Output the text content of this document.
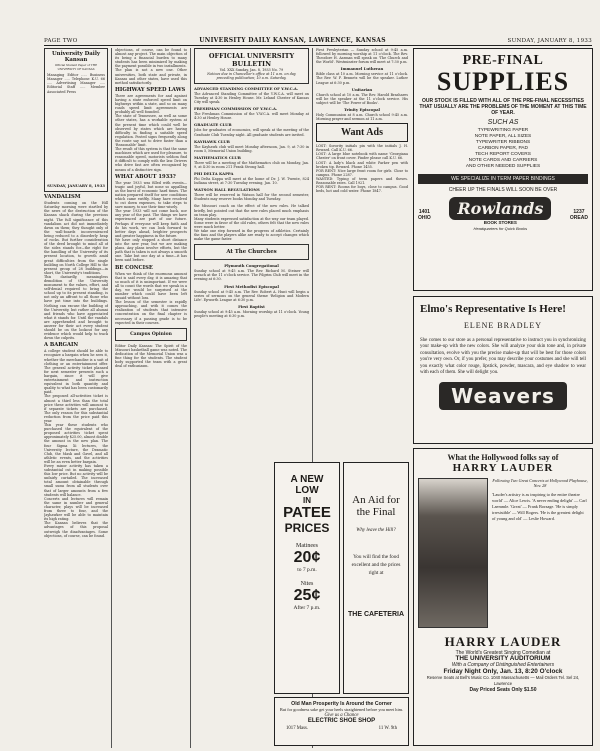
PAGE TWO	UNIVERSITY DAILY KANSAN, LAWRENCE, KANSAS	SUNDAY, JANUARY 8, 1933
University Daily Kansan
Official Student Paper of THE UNIVERSITY OF KANSAS
Managing Editor ..... Business Manager ..... Telephone K.U. 66 ..... Advertising Manager ..... Editorial Staff ..... Member Associated Press
SUNDAY, JANUARY 8, 1933
VANDALISM
Students coming on the Hill Saturday morning were startled by the news of the destruction of the Kansan shack during the previous night. The full significance of this vandalism act did not immediately dawn on them; they thought only of the wall-boards inconvenienced being reduced to a disorderly heap of rocks. But further consideration of the deed brought to mind all of the sides stands for—the right for the handling of the University of its present location, to growth amid great difficulties from the single building on North College Hill to the present group of 28 buildings—in short, the University's traditions.
This dastardly, meaningless demolition of the University monument to the values, effort, and self-denial required to bring the school up to its present standing, is not only an affront to all those who have put time into the buildings. Nothing can excuse the building of the University, but rather all alumni and friends who have appreciated what it stands for. Until the vandals are apprehended and brought to answer for their act every student should be on the lookout for any evidence which would help to track down the culprits.
A BARGAIN
A college student should be able to recognize a bargain when he sees it, whether the merchandise is a suit of clothing or an entertainment offer. The general activity ticket planned for next semester presents such a bargain, since it will give entertainment and instruction equivalent in both quantity and quality to what has been customarily paid.
The proposed all-activities ticket is almost a third less than the total price these activities will amount to if separate tickets are purchased. The only reason for this substantial reduction from the price paid this year.
This year these students who purchased the equivalent of the proposed activities ticket spent approximately $25.00, almost double the amount in the new plan. The four Sigma Xi lectures, the University lecture, the Dramatic Club, the Mask and Gavel, and all athletic events, and the activities will be an even better bargain.
Every minor activity has taken a substantial cut in making possible this low price. But no activity will be unfairly curtailed. The increased total amount obtainable through small sums from all students over that of larger amounts from a few students will balance.
Concerts and lectures will remain the same in number and general character, plays will be increased from three to four, and the Jayhawker will be able to maintain its high rating.
The Kansan believes that the advantages of this proposal outweigh the disadvantages. Some objections, of course, can be found.
objections, of course, can be found to almost any project. The main objection of its being a financial burden to many students has been minimized by making the payment possible in two installments.
The plan is not a new one. Other universities, both state and private, in Kansas and other states, have used this method satisfactorily.
HIGHWAY SPEED LAWS
There are agreements for and against having a state enforced speed limit on highways within a state, and so on many roads speed limit agreements are probably all well founded.
The state of Tennessee, as well as some other states, has a workable system at the present time which could well be observed by states which are having difficulty in finding a suitable speed regulation. Posted signs frequently along the route say not to drive faster than a 'Reasonable' limit.
The result of this system is that the same machines which are used for pleasure, to reasonable speed, motorists seldom find it difficult to comply with the law. Drivers who drive fast are often recognized by means of a distinctive sign.
WHAT ABOUT 1933?
The year 1933 was filled with events—tragic and joyful, but none so appalling as the burst of economic hard times. The nation prepared itself for new conditions which came swiftly. Many have resolved to cut down expenses, to take steps to save money, to use their time wisely.
The year 1933 will not come back, nor any year of the past. The things we have experienced are part of our future. Perhaps if everyone will keep faith and do his work, we can look forward to better days ahead, brighter prospects and greater happiness in the future.
We have only stopped a short distance into the new year, but we are making plans. Any plans involve efforts, but the path that is taken is not always a smooth one. Take but one day at a time—it has been said before.
BE CONCISE
When we think of the enormous amount that is said every day, it is amazing that so much of it is unimportant. If we were all to count the words that we speak in a day, we would be surprised at the number which could have been left unsaid without loss.
The lesson of the semester is rapidly approaching, and with it comes the realization of students that intensive concentration on the final chapter is necessary if a passing grade is to be expected in their courses.
Campus Opinion
Editor Daily Kansan: The Spirit of the Missouri basketball game was noted. The dedication of the Memorial Union was a fine thing for the students. The student body supported the team with a great deal of enthusiasm.
OFFICIAL UNIVERSITY BULLETIN
Vol. XXX Sunday, Jan. 8, 1933 No. 79
Notices due in Chancellor's office at 11 a.m. on day preceding publication; 10 a.m. Saturday.
ADVANCED STANDING COMMITTEE OF Y.W.C.A.
The Advanced Standing Committee of the Y.W.C.A. will meet on Tuesday at 4:30 in Henley House. Mr. Leland Chester of Kansas City will speak.
FRESHMAN COMMISSION OF Y.W.C.A.
The Freshman Commission of the Y.W.C.A. will meet Monday at 4:30 at Henley House.
GRADUATE CLUB
Jobs for graduates of economics, will speak at the meeting of the Graduate Club Tuesday night. All graduate students are invited.
KAYHAWK CLUB
The Kayhawk club will meet Monday afternoon, Jan. 9, at 7:30 in room 5, Memorial Union building.
MATHEMATICS CLUB
There will be a meeting of the Mathematics club on Monday, Jan. 9, at 4:30 in room 211 Frank Strong hall.
PHI DELTA KAPPA
Phi Delta Kappa will meet at the home of Dr. J. W. Twente, 824 Indiana street, at 7:30 Tuesday evening, Jan. 10.
WATSON HALL REGULATIONS
There will be reserved in Watson hall for the second semester, Students may reserve books Monday and Tuesday.
the Missouri coach on the effect of the new rules. He talked briefly, but pointed out that the new rules placed much emphasis on team play.
Many students expressed satisfaction at the way our team played. Some were in favor of the old rules, others felt that the new rules were much better.
We take one step forward in the progress of athletics. Certainly the fans and the players alike are ready to accept changes which make the game faster.
At The Churches
Plymouth Congregational
Sunday school at 9:45 a.m. The Rev. Richard M. Steiner will preach at the 11 o'clock service. The Pilgrim Club will meet in the evening at 6:30.
First Methodist Episcopal
Sunday school at 9:45 a.m. The Rev. Robert A. Hunt will begin a series of sermons on the general theme 'Religion and Modern Life'. Epworth League at 6:30 p.m.
First Baptist
Sunday school at 9:45 a.m. Morning worship at 11 o'clock. Young people's meeting at 6:30 p.m.
First Presbyterian — Sunday school at 9:45 a.m. followed by morning worship at 11 o'clock. The Rev. Theodore H. Aszman will speak on 'The Church and the World'. Westminster forum will meet at 7:30 p.m.
Immanuel Lutheran
Bible class at 10 a.m. Morning service at 11 o'clock. The Rev. W. F. Bennetz will be the speaker. Luther League at 6:30 p.m.
Unitarian
Church school at 10 a.m. The Rev. Harold Brashares will be the speaker at the 11 o'clock service. His subject will be 'The Power of Books'.
Trinity Episcopal
Holy Communion at 8 a.m. Church school 9:45 a.m. Morning prayer and sermon at 11 a.m.
Want Ads
LOST: Sorority initials pin with the initials J. H. Reward. Call K.U. 66.
LOST: A large blue notebook with name 'Georgiana Chester' on front cover. Finder please call K.U. 66.
LOST: A lady's black and white Parker pen with broken tip. Reward. Phone 1455.
FOR RENT: Nice large front room for girls. Close to campus. Phone 2287.
WANTED: Typing of term papers and theses. Reasonable rates. Call 1921.
FOR RENT: Rooms for boys, close to campus. Good beds, hot and cold water. Phone 1847.
PRE-FINAL
SUPPLIES
OUR STOCK IS FILLED WITH ALL OF THE PRE-FINAL NECESSITIES THAT USUALLY ARE THE PROBLEMS OF THE MOMENT AT THIS TIME OF YEAR.
SUCH AS
TYPEWRITING PAPER
NOTE PAPER, ALL SIZES
TYPEWRITER RIBBONS
CARBON PAPER, PAD
TECH REPORT COVERS
NOTE CARDS AND CARRIERS
AND OTHER NEEDED SUPPLIES
WE SPECIALIZE IN TERM PAPER BINDINGS
CHEER UP THE FINALS WILL SOON BE OVER
1401
OHIO	Rowlands
BOOK STORES
Headquarters for Quick Books
1237
OREAD
Elmo's Representative Is Here!
ELENE BRADLEY
She comes to our store as a personal representative to instruct you in synchronizing your make-up with the new colors. She will analyze your skin tone and, in private consultation, evolve with you the precise make-up that will be best for those colors you're very own. Or, if you prefer, you may describe your costumes and she will tell you exactly what color rouge, lipstick, powder, mascara, and eye shadow to wear with each of them. She will delight you.
Weavers
What the Hollywood folks say of
HARRY LAUDER
Following Two Great Concerts at Hollywood Playhouse, Nov. 28
'Lauder's artistry is as inspiring to the entire theatre world' — Alice Lewis. 'A never ending delight' — Carl Laemmle. 'Great' — Frank Borzage. 'He is simply irresistible' — Will Rogers. 'He is the greatest delight of young and old' — Leslie Howard.
HARRY LAUDER
The World's Greatest Singing Comedian at
THE UNIVERSITY AUDITORIUM
With a Company of Distinguished Entertainers
Friday Night Only, Jan. 13, 8:20 O'clock
Reserve Seats at Bell's Music Co. 1040 Massachusetts — Mail Orders Tel. Sel 24, Lawrence
Day Priced Seats Only $1.50
A NEW LOW
IN
PATEE
PRICES
Matinees
20¢
to 7 p.m.
Nites
25¢
After 7 p.m.
An Aid for
the Final
Why leave the Hill?
You will find the food excellent and the prices right at
THE CAFETERIA
Old Man Prosperity Is Around the Corner
But for goodness sake get your heels straightened before you meet him.
Give us a Chance
ELECTRIC SHOE SHOP
1017 Mass.	11 W. 9th
